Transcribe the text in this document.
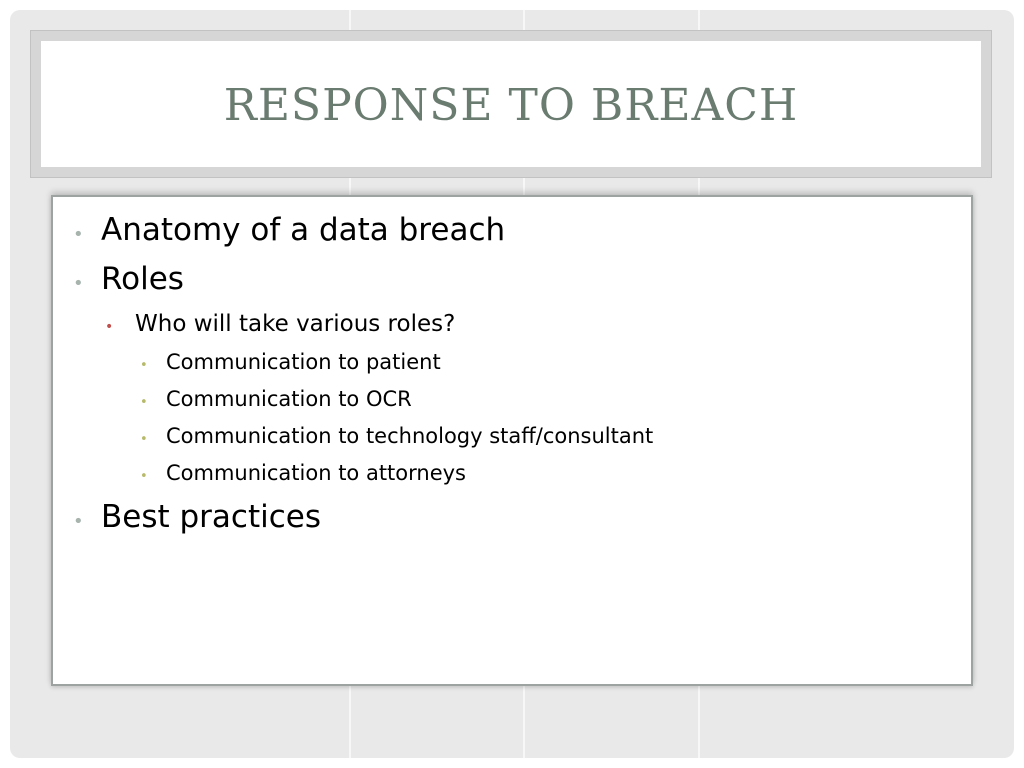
RESPONSE TO BREACH
• Anatomy of a data breach
• Roles
• Who will take various roles?
• Communication to patient
• Communication to OCR
• Communication to technology staff/consultant
• Communication to attorneys
• Best practices
